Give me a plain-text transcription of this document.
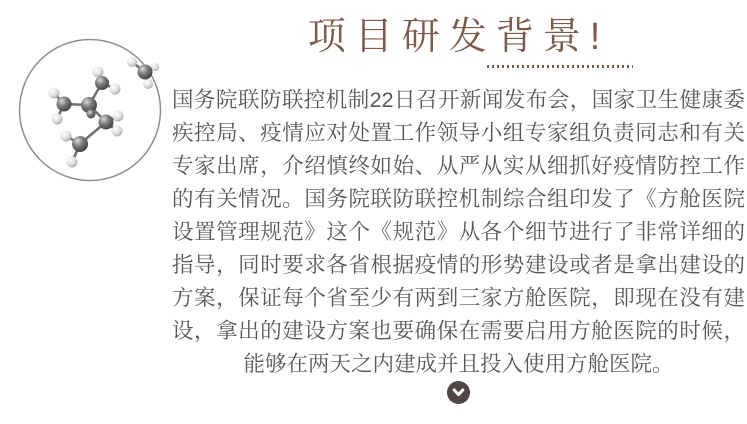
项目研发背景!

国务院联防联控机制22日召开新闻发布会，国家卫生健康委疾控局、疫情应对处置工作领导小组专家组负责同志和有关专家出席，介绍慎终如始、从严从实从细抓好疫情防控工作的有关情况。国务院联防联控机制综合组印发了《方舱医院设置管理规范》这个《规范》从各个细节进行了非常详细的指导，同时要求各省根据疫情的形势建设或者是拿出建设的方案，保证每个省至少有两到三家方舱医院，即现在没有建设，拿出的建设方案也要确保在需要启用方舱医院的时候，能够在两天之内建成并且投入使用方舱医院。
